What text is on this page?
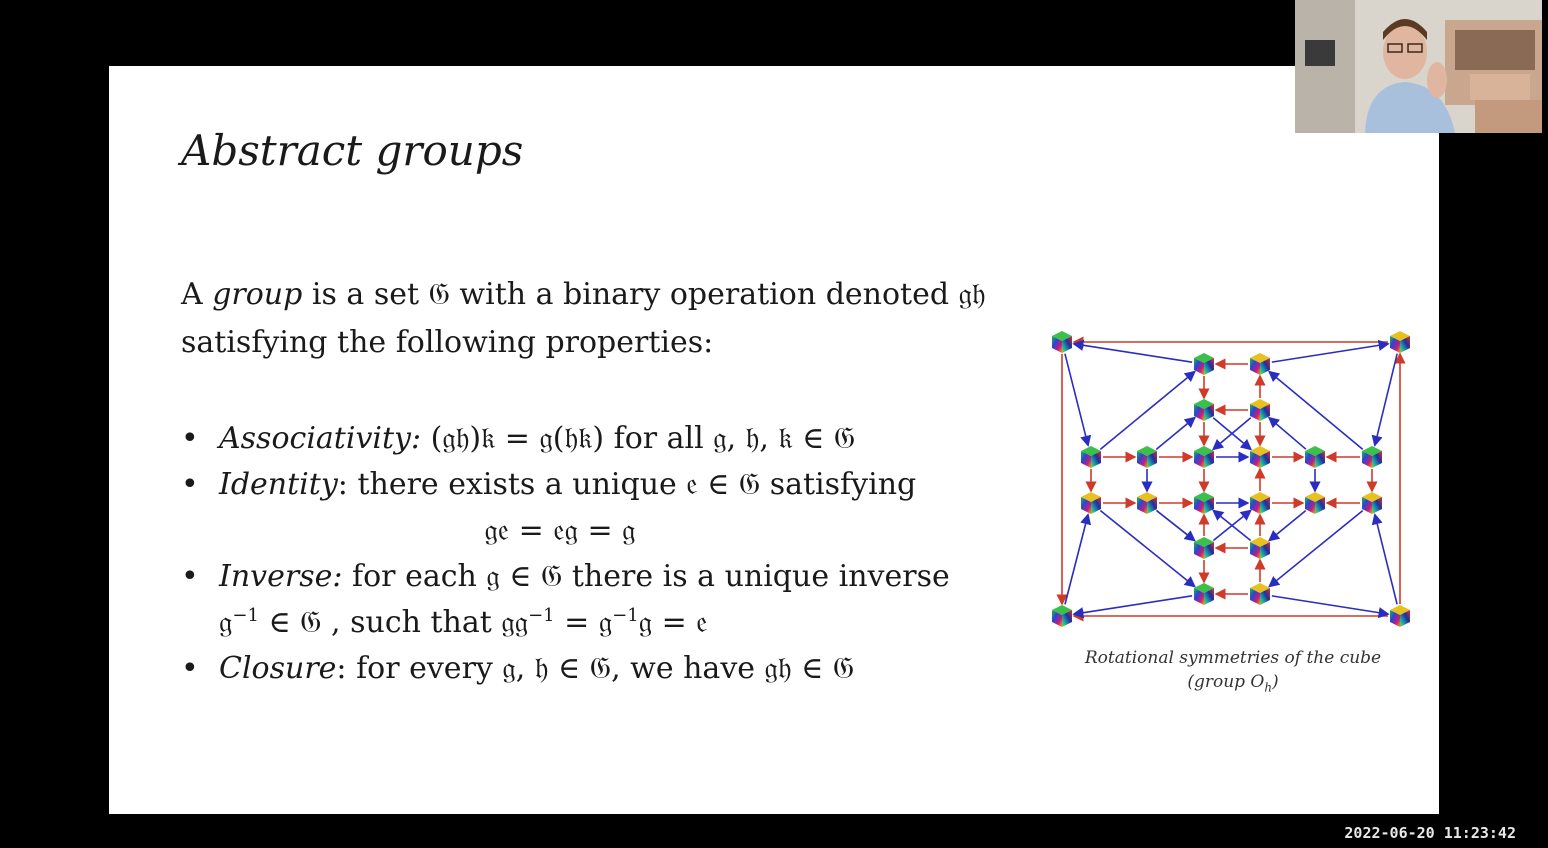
Abstract groups
A group is a set 𝔊 with a binary operation denoted 𝔤𝔥
satisfying the following properties:
• Associativity: (𝔤𝔥)𝔨 = 𝔤(𝔥𝔨) for all 𝔤, 𝔥, 𝔨 ∈ 𝔊
• Identity: there exists a unique 𝔢 ∈ 𝔊 satisfying
𝔤𝔢 = 𝔢𝔤 = 𝔤
• Inverse: for each 𝔤 ∈ 𝔊 there is a unique inverse
𝔤$^{-1}$ ∈ 𝔊 , such that 𝔤𝔤$^{-1}$ = 𝔤$^{-1}$𝔤 = 𝔢
• Closure: for every 𝔤, 𝔥 ∈ 𝔊, we have 𝔤𝔥 ∈ 𝔊	Rotational symmetries of the cube
(group $O_h$)
2022-06-20 11:23:42
